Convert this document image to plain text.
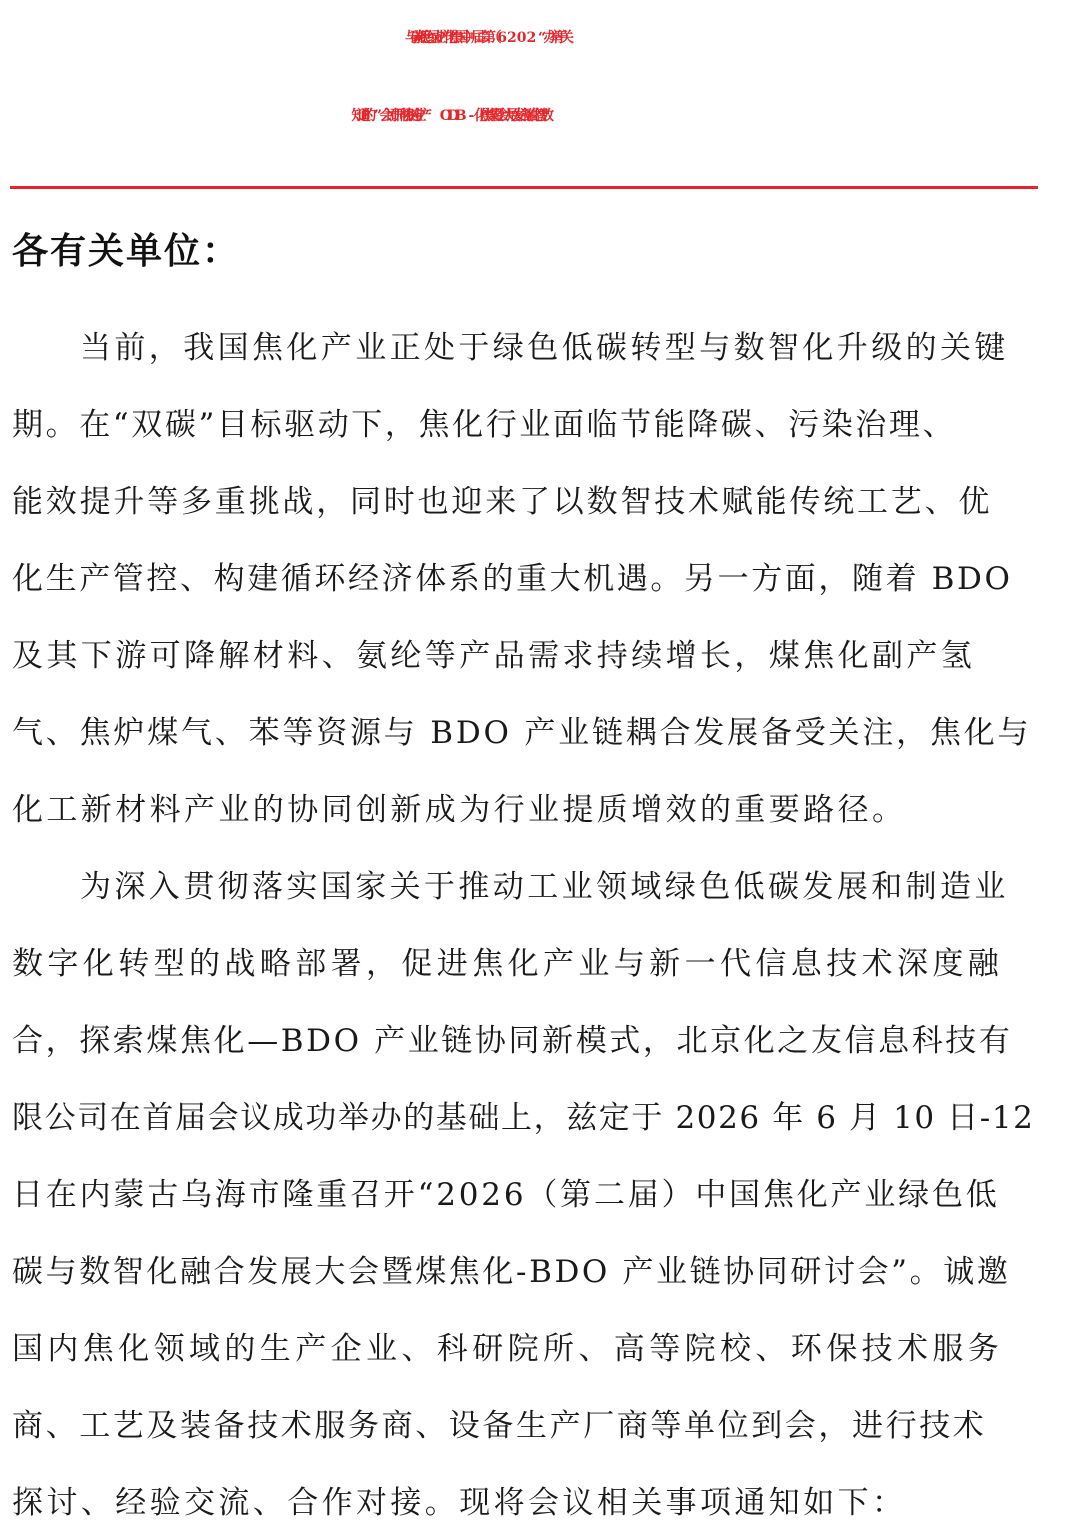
各有关单位：
当前，我国焦化产业正处于绿色低碳转型与数智化升级的关键
期。在“双碳”目标驱动下，焦化行业面临节能降碳、污染治理、
能效提升等多重挑战，同时也迎来了以数智技术赋能传统工艺、优
化生产管控、构建循环经济体系的重大机遇。另一方面，随着 BDO
及其下游可降解材料、氨纶等产品需求持续增长，煤焦化副产氢
气、焦炉煤气、苯等资源与 BDO 产业链耦合发展备受关注，焦化与
化工新材料产业的协同创新成为行业提质增效的重要路径。
为深入贯彻落实国家关于推动工业领域绿色低碳发展和制造业
数字化转型的战略部署，促进焦化产业与新一代信息技术深度融
合，探索煤焦化—BDO 产业链协同新模式，北京化之友信息科技有
限公司在首届会议成功举办的基础上，兹定于 2026 年 6 月 10 日-12
日在内蒙古乌海市隆重召开“2026（第二届）中国焦化产业绿色低
碳与数智化融合发展大会暨煤焦化-BDO 产业链协同研讨会”。诚邀
国内焦化领域的生产企业、科研院所、高等院校、环保技术服务
商、工艺及装备技术服务商、设备生产厂商等单位到会，进行技术
探讨、经验交流、合作对接。现将会议相关事项通知如下：
